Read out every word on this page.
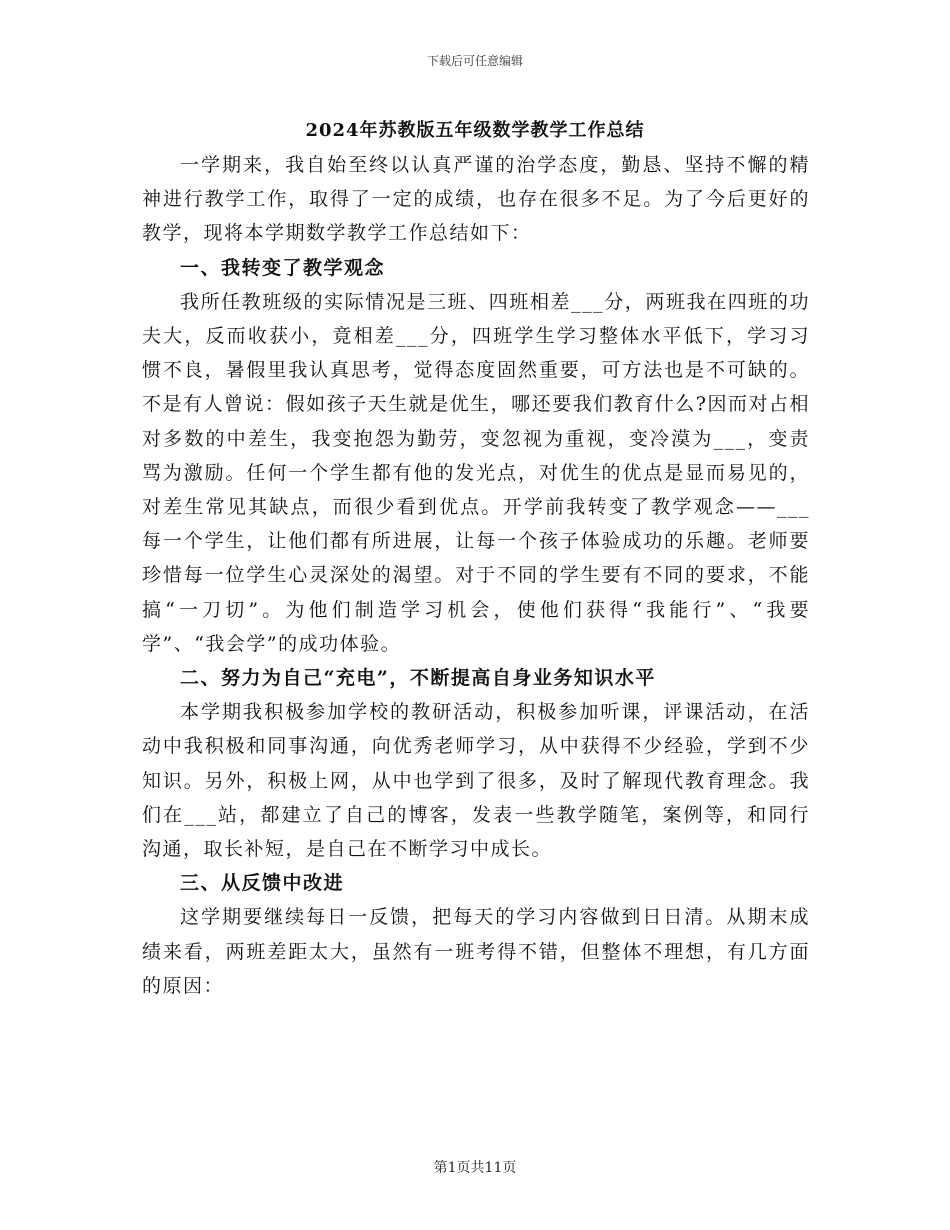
下载后可任意编辑
2024年苏教版五年级数学教学工作总结

一学期来，我自始至终以认真严谨的治学态度，勤恳、坚持不懈的精神进行教学工作，取得了一定的成绩，也存在很多不足。为了今后更好的教学，现将本学期数学教学工作总结如下：

一、我转变了教学观念

我所任教班级的实际情况是三班、四班相差___分，两班我在四班的功夫大，反而收获小，竟相差___分，四班学生学习整体水平低下，学习习惯不良，暑假里我认真思考，觉得态度固然重要，可方法也是不可缺的。不是有人曾说：假如孩子天生就是优生，哪还要我们教育什么?因而对占相对多数的中差生，我变抱怨为勤劳，变忽视为重视，变冷漠为___，变责骂为激励。任何一个学生都有他的发光点，对优生的优点是显而易见的，对差生常见其缺点，而很少看到优点。开学前我转变了教学观念——___每一个学生，让他们都有所进展，让每一个孩子体验成功的乐趣。老师要珍惜每一位学生心灵深处的渴望。对于不同的学生要有不同的要求，不能搞“一刀切”。为他们制造学习机会，使他们获得“我能行”、“我要学”、“我会学”的成功体验。

二、努力为自己“充电”，不断提高自身业务知识水平

本学期我积极参加学校的教研活动，积极参加听课，评课活动，在活动中我积极和同事沟通，向优秀老师学习，从中获得不少经验，学到不少知识。另外，积极上网，从中也学到了很多，及时了解现代教育理念。我们在___站，都建立了自己的博客，发表一些教学随笔，案例等，和同行沟通，取长补短，是自己在不断学习中成长。

三、从反馈中改进

这学期要继续每日一反馈，把每天的学习内容做到日日清。从期末成绩来看，两班差距太大，虽然有一班考得不错，但整体不理想，有几方面的原因：

第1页共11页
